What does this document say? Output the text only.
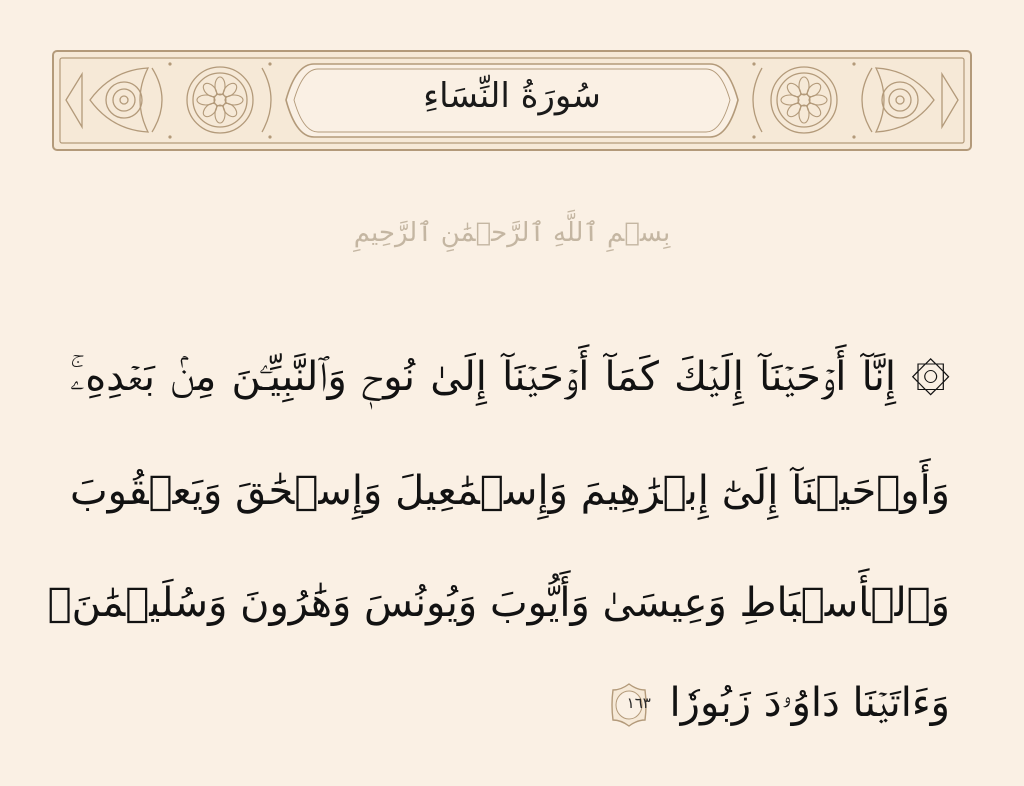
سُورَةُ النِّسَاءِ
بِسۡمِ ٱللَّهِ ٱلرَّحۡمَٰنِ ٱلرَّحِيمِ
۞ إِنَّآ أَوۡحَيۡنَآ إِلَيۡكَ كَمَآ أَوۡحَيۡنَآ إِلَىٰ نُوحٖ وَٱلنَّبِيِّـۧنَ مِنۢ بَعۡدِهِۦۚ
وَأَوۡحَيۡنَآ إِلَىٰٓ إِبۡرَٰهِيمَ وَإِسۡمَٰعِيلَ وَإِسۡحَٰقَ وَيَعۡقُوبَ
وَٱلۡأَسۡبَاطِ وَعِيسَىٰ وَأَيُّوبَ وَيُونُسَ وَهَٰرُونَ وَسُلَيۡمَٰنَۚ
وَءَاتَيۡنَا دَاوُۥدَ زَبُورٗا
١٦٣
